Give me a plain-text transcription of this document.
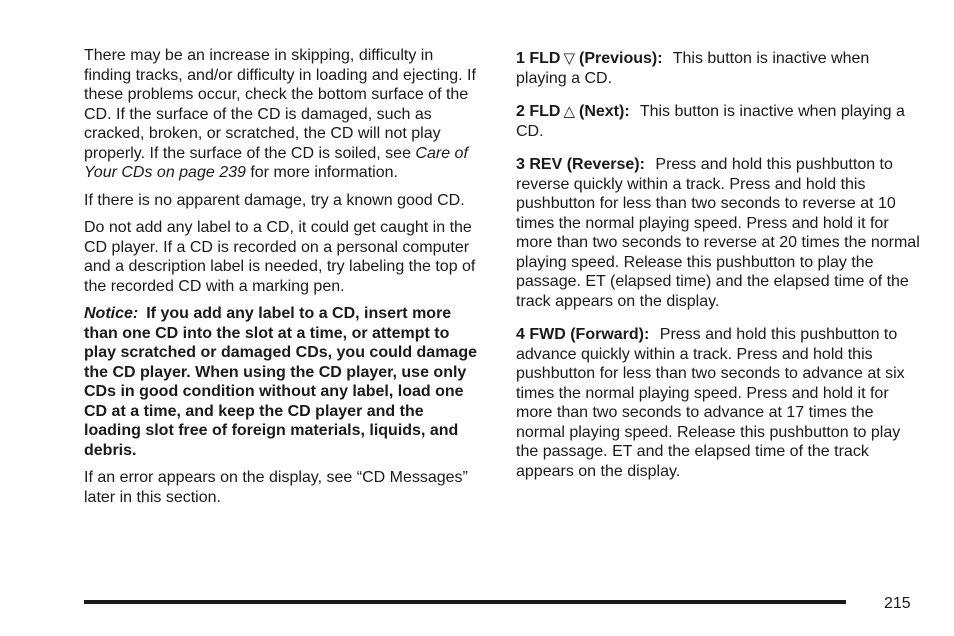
There may be an increase in skipping, difficulty in finding tracks, and/or difficulty in loading and ejecting. If these problems occur, check the bottom surface of the CD. If the surface of the CD is damaged, such as cracked, broken, or scratched, the CD will not play properly. If the surface of the CD is soiled, see Care of Your CDs on page 239 for more information.

If there is no apparent damage, try a known good CD.

Do not add any label to a CD, it could get caught in the CD player. If a CD is recorded on a personal computer and a description label is needed, try labeling the top of the recorded CD with a marking pen.

Notice: If you add any label to a CD, insert more than one CD into the slot at a time, or attempt to play scratched or damaged CDs, you could damage the CD player. When using the CD player, use only CDs in good condition without any label, load one CD at a time, and keep the CD player and the loading slot free of foreign materials, liquids, and debris.

If an error appears on the display, see “CD Messages” later in this section.

1 FLD ▽ (Previous): This button is inactive when playing a CD.

2 FLD △ (Next): This button is inactive when playing a CD.

3 REV (Reverse): Press and hold this pushbutton to reverse quickly within a track. Press and hold this pushbutton for less than two seconds to reverse at 10 times the normal playing speed. Press and hold it for more than two seconds to reverse at 20 times the normal playing speed. Release this pushbutton to play the passage. ET (elapsed time) and the elapsed time of the track appears on the display.

4 FWD (Forward): Press and hold this pushbutton to advance quickly within a track. Press and hold this pushbutton for less than two seconds to advance at six times the normal playing speed. Press and hold it for more than two seconds to advance at 17 times the normal playing speed. Release this pushbutton to play the passage. ET and the elapsed time of the track appears on the display.

215
